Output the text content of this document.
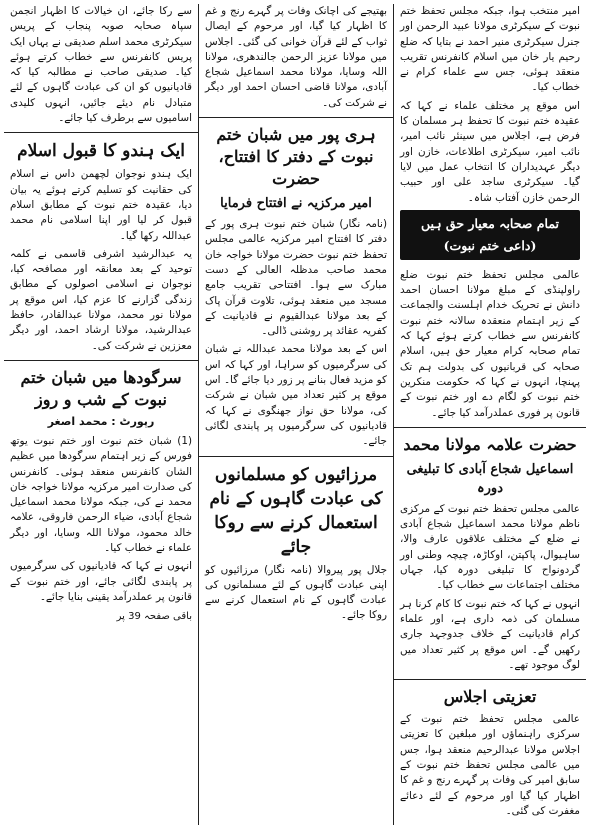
امیر منتخب ہوا، جبکہ مجلس تحفظ ختم نبوت کے سیکرٹری مولانا عبید الرحمن اور جنرل سیکرٹری منیر احمد نے بتایا کہ ضلع رحیم یار خان میں اسلام کانفرنس تقریب منعقد ہوئی، جس سے علماء کرام نے خطاب کیا۔

اس موقع پر مختلف علماء نے کہا کہ عقیدہ ختم نبوت کا تحفظ ہر مسلمان کا فرض ہے، اجلاس میں سینئر نائب امیر، نائب امیر، سیکرٹری اطلاعات، خازن اور دیگر عہدیداران کا انتخاب عمل میں لایا گیا۔ سیکرٹری ساجد علی اور حبیب الرحمن خازن آفتاب شاہ۔

تمام صحابہ معیار حق ہیں (داعی ختم نبوت)

عالمی مجلس تحفظ ختم نبوت ضلع راولپنڈی کے مبلغ مولانا احسان احمد دانش نے تحریک خدام اہلسنت والجماعت کے زیر اہتمام منعقدہ سالانہ ختم نبوت کانفرنس سے خطاب کرتے ہوئے کہا کہ تمام صحابہ کرام معیار حق ہیں، اسلام صحابہ کی قربانیوں کی بدولت ہم تک پہنچا، انہوں نے کہا کہ حکومت منکرین ختم نبوت کو لگام دے اور ختم نبوت کے قانون پر فوری عملدرآمد کیا جائے۔

حضرت علامہ مولانا محمد
اسماعیل شجاع آبادی کا تبلیغی دورہ

عالمی مجلس تحفظ ختم نبوت کے مرکزی ناظم مولانا محمد اسماعیل شجاع آبادی نے ضلع کے مختلف علاقوں عارف والا، ساہیوال، پاکپتن، اوکاڑہ، چیچہ وطنی اور گردونواح کا تبلیغی دورہ کیا، جہاں مختلف اجتماعات سے خطاب کیا۔

انہوں نے کہا کہ ختم نبوت کا کام کرنا ہر مسلمان کی ذمہ داری ہے، اور علماء کرام قادیانیت کے خلاف جدوجہد جاری رکھیں گے۔ اس موقع پر کثیر تعداد میں لوگ موجود تھے۔

تعزیتی اجلاس

عالمی مجلس تحفظ ختم نبوت کے سرکزی راہنماؤں اور مبلغین کا تعزیتی اجلاس مولانا عبدالرحیم منعقد ہوا، جس میں عالمی مجلس تحفظ ختم نبوت کے سابق امیر کی وفات پر گہرے رنج و غم کا اظہار کیا گیا اور مرحوم کے لئے دعائے مغفرت کی گئی۔

بھتیجے کی اچانک وفات پر گہرے رنج و غم کا اظہار کیا گیا، اور مرحوم کے ایصال ثواب کے لئے قرآن خوانی کی گئی۔ اجلاس میں مولانا عزیز الرحمن جالندھری، مولانا اللہ وسایا، مولانا محمد اسماعیل شجاع آبادی، مولانا قاضی احسان احمد اور دیگر نے شرکت کی۔

ہری پور میں شبان ختم نبوت کے دفتر کا افتتاح، حضرت
امیر مرکزیہ نے افتتاح فرمایا

(نامہ نگار) شبان ختم نبوت ہری پور کے دفتر کا افتتاح امیر مرکزیہ عالمی مجلس تحفظ ختم نبوت حضرت مولانا خواجہ خان محمد صاحب مدظلہ العالی کے دست مبارک سے ہوا۔ افتتاحی تقریب جامع مسجد میں منعقد ہوئی، تلاوت قرآن پاک کے بعد مولانا عبدالقیوم نے قادیانیت کے کفریہ عقائد پر روشنی ڈالی۔

اس کے بعد مولانا محمد عبداللہ نے شبان کی سرگرمیوں کو سراہا، اور کہا کہ اس کو مزید فعال بنانے پر زور دیا جائے گا۔ اس موقع پر کثیر تعداد میں شبان نے شرکت کی، مولانا حق نواز جھنگوی نے کہا کہ قادیانیوں کی سرگرمیوں پر پابندی لگائی جائے۔

مرزائیوں کو مسلمانوں کی عبادت گاہوں کے نام استعمال کرنے سے روکا جائے

جلال پور پیروالا (نامہ نگار) مرزائیوں کو اپنی عبادت گاہوں کے لئے مسلمانوں کی عبادت گاہوں کے نام استعمال کرنے سے روکا جائے۔

سے رکا جائے، ان خیالات کا اظہار انجمن سپاہ صحابہ صوبہ پنجاب کے پریس سیکرٹری محمد اسلم صدیقی نے یہاں ایک پریس کانفرنس سے خطاب کرتے ہوئے کیا۔ صدیقی صاحب نے مطالبہ کیا کہ قادیانیوں کو ان کی عبادت گاہوں کے لئے متبادل نام دیئے جائیں، انہوں کلیدی اسامیوں سے برطرف کیا جائے۔

ایک ہندو کا قبول اسلام

ایک ہندو نوجوان لچھمن داس نے اسلام کی حقانیت کو تسلیم کرتے ہوئے یہ بیان دیا، عقیدہ ختم نبوت کے مطابق اسلام قبول کر لیا اور اپنا اسلامی نام محمد عبداللہ رکھا گیا۔

یہ عبدالرشید اشرفی قاسمی نے کلمہ توحید کے بعد معانقہ اور مصافحہ کیا، نوجوان نے اسلامی اصولوں کے مطابق زندگی گزارنے کا عزم کیا، اس موقع پر مولانا نور محمد، مولانا عبدالقادر، حافظ عبدالرشید، مولانا ارشاد احمد، اور دیگر معززین نے شرکت کی۔

سرگودھا میں شبان ختم نبوت کے شب و روز
رپورٹ : محمد اصغر

(1) شبان ختم نبوت اور ختم نبوت یوتھ فورس کے زیر اہتمام سرگودھا میں عظیم الشان کانفرنس منعقد ہوئی۔ کانفرنس کی صدارت امیر مرکزیہ مولانا خواجہ خان محمد نے کی، جبکہ مولانا محمد اسماعیل شجاع آبادی، ضیاء الرحمن فاروقی، علامہ خالد محمود، مولانا اللہ وسایا، اور دیگر علماء نے خطاب کیا۔

انہوں نے کہا کہ قادیانیوں کی سرگرمیوں پر پابندی لگائی جائے، اور ختم نبوت کے قانون پر عملدرآمد یقینی بنایا جائے۔

باقی صفحہ 39 پر
